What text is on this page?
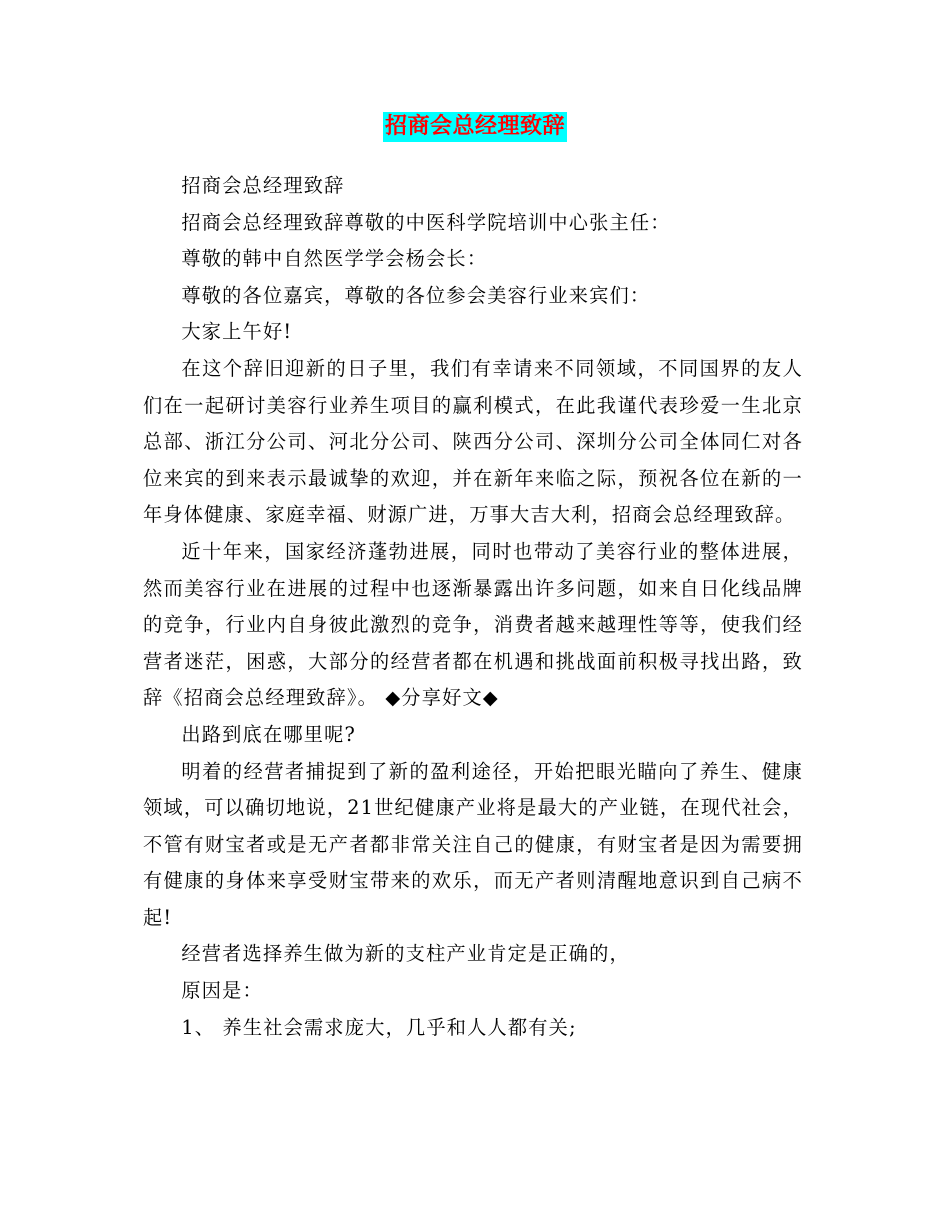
招商会总经理致辞

招商会总经理致辞

招商会总经理致辞尊敬的中医科学院培训中心张主任：

尊敬的韩中自然医学学会杨会长：

尊敬的各位嘉宾，尊敬的各位参会美容行业来宾们：

大家上午好!

在这个辞旧迎新的日子里，我们有幸请来不同领域，不同国界的友人们在一起研讨美容行业养生项目的赢利模式，在此我谨代表珍爱一生北京总部、浙江分公司、河北分公司、陕西分公司、深圳分公司全体同仁对各位来宾的到来表示最诚挚的欢迎，并在新年来临之际，预祝各位在新的一年身体健康、家庭幸福、财源广进，万事大吉大利，招商会总经理致辞。

近十年来，国家经济蓬勃进展，同时也带动了美容行业的整体进展，然而美容行业在进展的过程中也逐渐暴露出许多问题，如来自日化线品牌的竞争，行业内自身彼此激烈的竞争，消费者越来越理性等等，使我们经营者迷茫，困惑，大部分的经营者都在机遇和挑战面前积极寻找出路，致辞《招商会总经理致辞》。 ◆分享好文◆

出路到底在哪里呢?

明着的经营者捕捉到了新的盈利途径，开始把眼光瞄向了养生、健康领域，可以确切地说，21世纪健康产业将是最大的产业链，在现代社会，不管有财宝者或是无产者都非常关注自己的健康，有财宝者是因为需要拥有健康的身体来享受财宝带来的欢乐，而无产者则清醒地意识到自己病不起!

经营者选择养生做为新的支柱产业肯定是正确的，

原因是：

1、 养生社会需求庞大，几乎和人人都有关;
